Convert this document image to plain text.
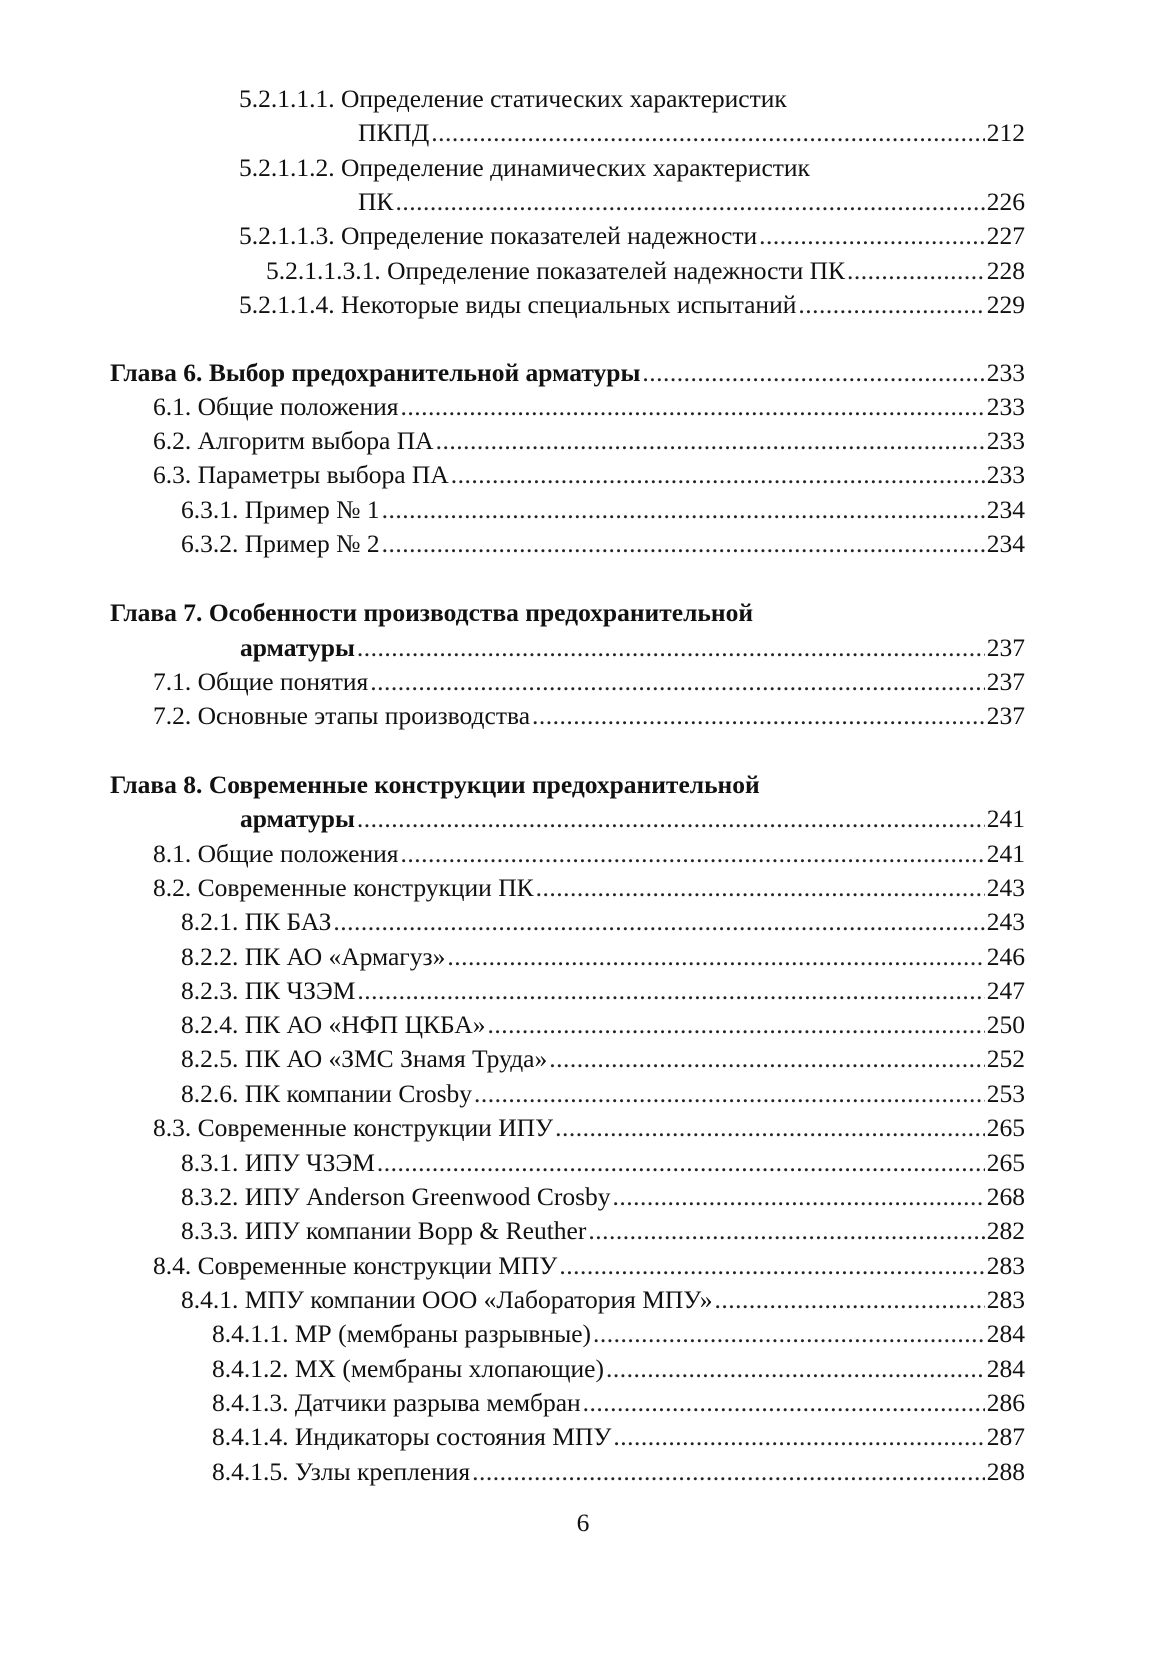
5.2.1.1.1. Определение статических характеристик
ПКПД .....	212
5.2.1.1.2. Определение динамических характеристик
ПК .....	226
5.2.1.1.3. Определение показателей надежности .....	227
5.2.1.1.3.1. Определение показателей надежности ПК .....	228
5.2.1.1.4. Некоторые виды специальных испытаний .....	229
Глава 6. Выбор предохранительной арматуры .....	233
6.1. Общие положения .....	233
6.2. Алгоритм выбора ПА .....	233
6.3. Параметры выбора ПА .....	233
6.3.1. Пример № 1 .....	234
6.3.2. Пример № 2 .....	234
Глава 7. Особенности производства предохранительной
арматуры .....	237
7.1. Общие понятия .....	237
7.2. Основные этапы производства .....	237
Глава 8. Современные конструкции предохранительной
арматуры .....	241
8.1. Общие положения .....	241
8.2. Современные конструкции ПК .....	243
8.2.1. ПК БАЗ .....	243
8.2.2. ПК АО «Армагуз» .....	246
8.2.3. ПК ЧЗЭМ .....	247
8.2.4. ПК АО «НФП ЦКБА» .....	250
8.2.5. ПК АО «ЗМС Знамя Труда» .....	252
8.2.6. ПК компании Crosby .....	253
8.3. Современные конструкции ИПУ .....	265
8.3.1. ИПУ ЧЗЭМ .....	265
8.3.2. ИПУ Anderson Greenwood Crosby .....	268
8.3.3. ИПУ компании Bopp & Reuther .....	282
8.4. Современные конструкции МПУ .....	283
8.4.1. МПУ компании ООО «Лаборатория МПУ» .....	283
8.4.1.1. МР (мембраны разрывные) .....	284
8.4.1.2. МХ (мембраны хлопающие) .....	284
8.4.1.3. Датчики разрыва мембран .....	286
8.4.1.4. Индикаторы состояния МПУ .....	287
8.4.1.5. Узлы крепления .....	288
6
